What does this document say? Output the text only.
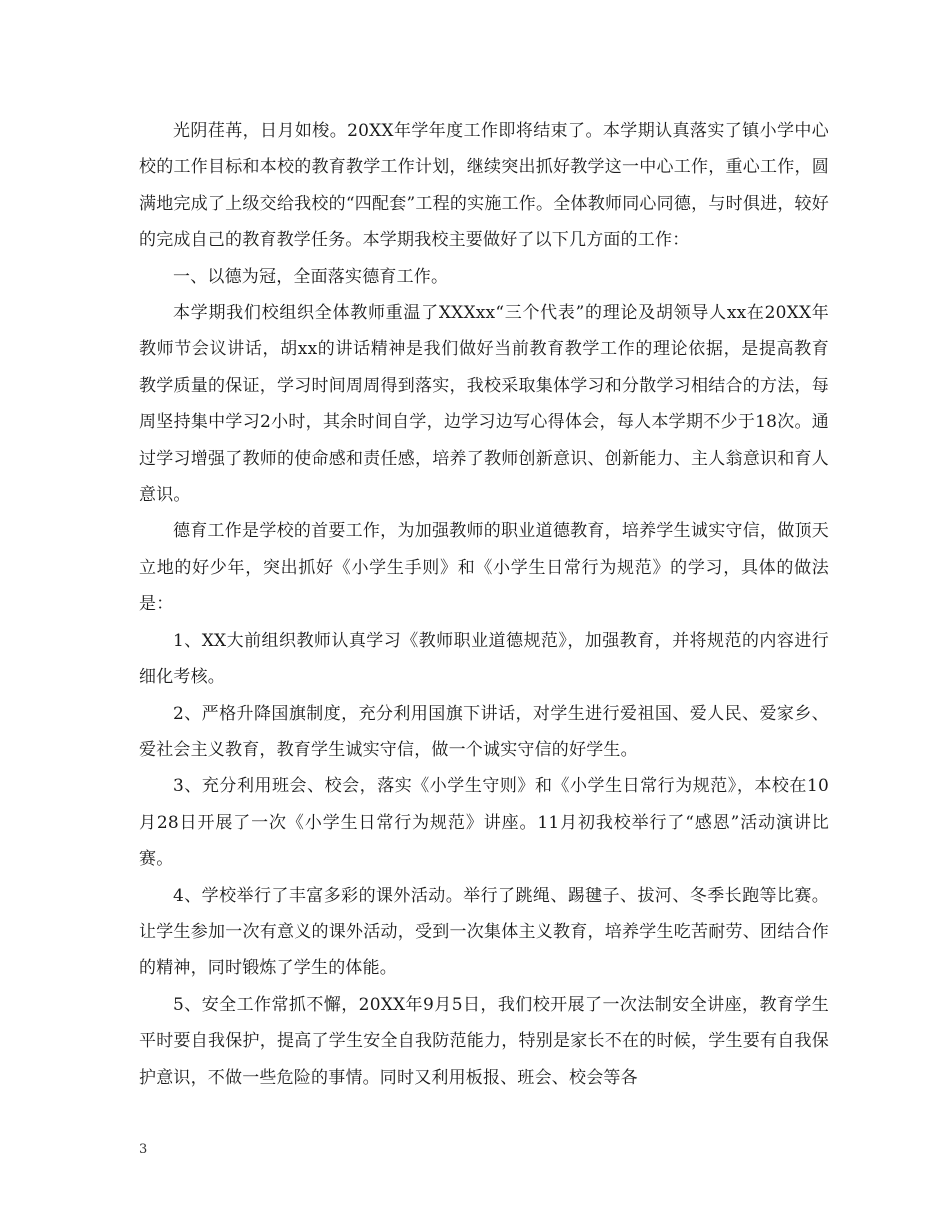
光阴荏苒，日月如梭。20XX年学年度工作即将结束了。本学期认真落实了镇小学中心校的工作目标和本校的教育教学工作计划，继续突出抓好教学这一中心工作，重心工作，圆满地完成了上级交给我校的“四配套”工程的实施工作。全体教师同心同德，与时俱进，较好的完成自己的教育教学任务。本学期我校主要做好了以下几方面的工作：

一、以德为冠，全面落实德育工作。

本学期我们校组织全体教师重温了XXXxx“三个代表”的理论及胡领导人xx在20XX年教师节会议讲话，胡xx的讲话精神是我们做好当前教育教学工作的理论依据，是提高教育教学质量的保证，学习时间周周得到落实，我校采取集体学习和分散学习相结合的方法，每周坚持集中学习2小时，其余时间自学，边学习边写心得体会，每人本学期不少于18次。通过学习增强了教师的使命感和责任感，培养了教师创新意识、创新能力、主人翁意识和育人意识。

德育工作是学校的首要工作，为加强教师的职业道德教育，培养学生诚实守信，做顶天立地的好少年，突出抓好《小学生手则》和《小学生日常行为规范》的学习，具体的做法是：

1、XX大前组织教师认真学习《教师职业道德规范》，加强教育，并将规范的内容进行细化考核。

2、严格升降国旗制度，充分利用国旗下讲话，对学生进行爱祖国、爱人民、爱家乡、爱社会主义教育，教育学生诚实守信，做一个诚实守信的好学生。

3、充分利用班会、校会，落实《小学生守则》和《小学生日常行为规范》，本校在10月28日开展了一次《小学生日常行为规范》讲座。11月初我校举行了“感恩”活动演讲比赛。

4、学校举行了丰富多彩的课外活动。举行了跳绳、踢毽子、拔河、冬季长跑等比赛。让学生参加一次有意义的课外活动，受到一次集体主义教育，培养学生吃苦耐劳、团结合作的精神，同时锻炼了学生的体能。

5、安全工作常抓不懈，20XX年9月5日，我们校开展了一次法制安全讲座，教育学生平时要自我保护，提高了学生安全自我防范能力，特别是家长不在的时候，学生要有自我保护意识，不做一些危险的事情。同时又利用板报、班会、校会等各

3
